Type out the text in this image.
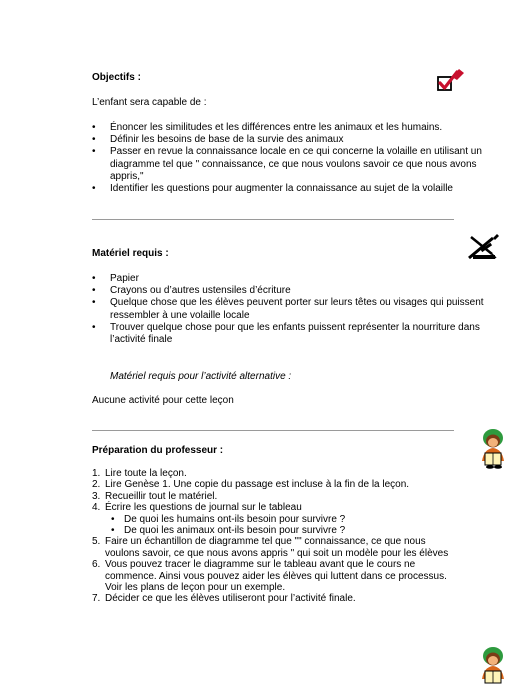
Objectifs :
L’enfant sera capable de :
• Énoncer les similitudes et les différences entre les animaux et les humains.
• Définir les besoins de base de la survie des animaux
• Passer en revue la connaissance locale en ce qui concerne la volaille en utilisant un diagramme tel que " connaissance, ce que nous voulons savoir ce que nous avons appris,"
• Identifier les questions pour augmenter la connaissance au sujet de la volaille
Matériel requis :
• Papier
• Crayons ou d’autres ustensiles d’écriture
• Quelque chose que les élèves peuvent porter sur leurs têtes ou visages qui puissent ressembler à une volaille locale
• Trouver quelque chose pour que les enfants puissent représenter la nourriture dans l’activité finale
Matériel requis pour l’activité alternative :
Aucune activité pour cette leçon
Préparation du professeur :
1. Lire toute la leçon.
2. Lire Genèse 1. Une copie du passage est incluse à la fin de la leçon.
3. Recueillir tout le matériel.
4. Écrire les questions de journal sur le tableau
• De quoi les humains ont-ils besoin pour survivre ?
• De quoi les animaux ont-ils besoin pour survivre ?
5. Faire un échantillon de diagramme tel que "" connaissance, ce que nous voulons savoir, ce que nous avons appris " qui soit un modèle pour les élèves
6. Vous pouvez tracer le diagramme sur le tableau avant que le cours ne commence. Ainsi vous pouvez aider les élèves qui luttent dans ce processus. Voir les plans de leçon pour un exemple.
7. Décider ce que les élèves utiliseront pour l’activité finale.
